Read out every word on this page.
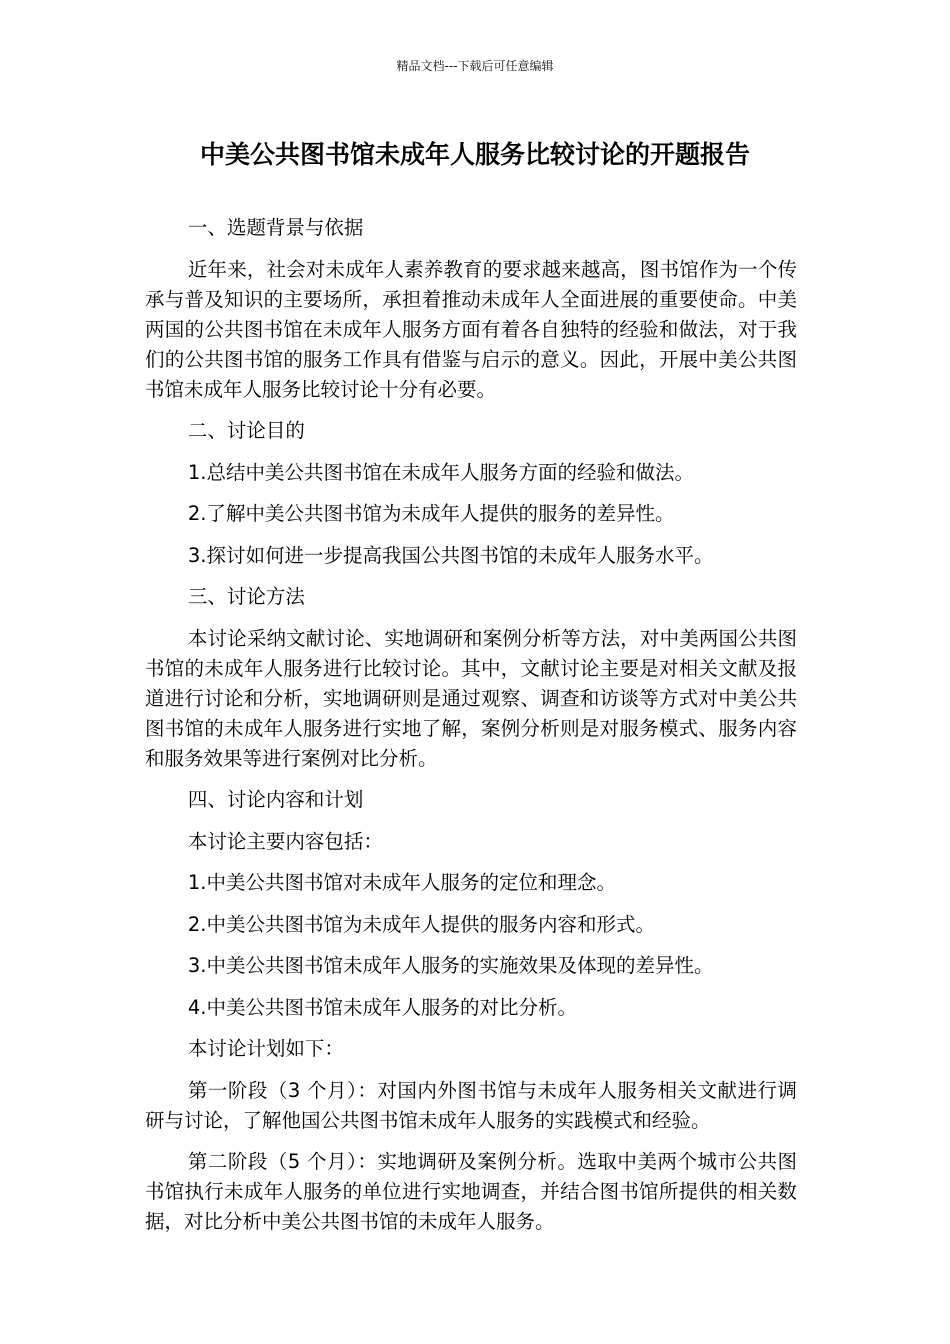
精品文档---下载后可任意编辑
中美公共图书馆未成年人服务比较讨论的开题报告

一、选题背景与依据

近年来，社会对未成年人素养教育的要求越来越高，图书馆作为一个传承与普及知识的主要场所，承担着推动未成年人全面进展的重要使命。中美两国的公共图书馆在未成年人服务方面有着各自独特的经验和做法，对于我们的公共图书馆的服务工作具有借鉴与启示的意义。因此，开展中美公共图书馆未成年人服务比较讨论十分有必要。

二、讨论目的

1.总结中美公共图书馆在未成年人服务方面的经验和做法。

2.了解中美公共图书馆为未成年人提供的服务的差异性。

3.探讨如何进一步提高我国公共图书馆的未成年人服务水平。

三、讨论方法

本讨论采纳文献讨论、实地调研和案例分析等方法，对中美两国公共图书馆的未成年人服务进行比较讨论。其中，文献讨论主要是对相关文献及报道进行讨论和分析，实地调研则是通过观察、调查和访谈等方式对中美公共图书馆的未成年人服务进行实地了解，案例分析则是对服务模式、服务内容和服务效果等进行案例对比分析。

四、讨论内容和计划

本讨论主要内容包括：

1.中美公共图书馆对未成年人服务的定位和理念。

2.中美公共图书馆为未成年人提供的服务内容和形式。

3.中美公共图书馆未成年人服务的实施效果及体现的差异性。

4.中美公共图书馆未成年人服务的对比分析。

本讨论计划如下：

第一阶段（3 个月）：对国内外图书馆与未成年人服务相关文献进行调研与讨论，了解他国公共图书馆未成年人服务的实践模式和经验。

第二阶段（5 个月）：实地调研及案例分析。选取中美两个城市公共图书馆执行未成年人服务的单位进行实地调查，并结合图书馆所提供的相关数据，对比分析中美公共图书馆的未成年人服务。
